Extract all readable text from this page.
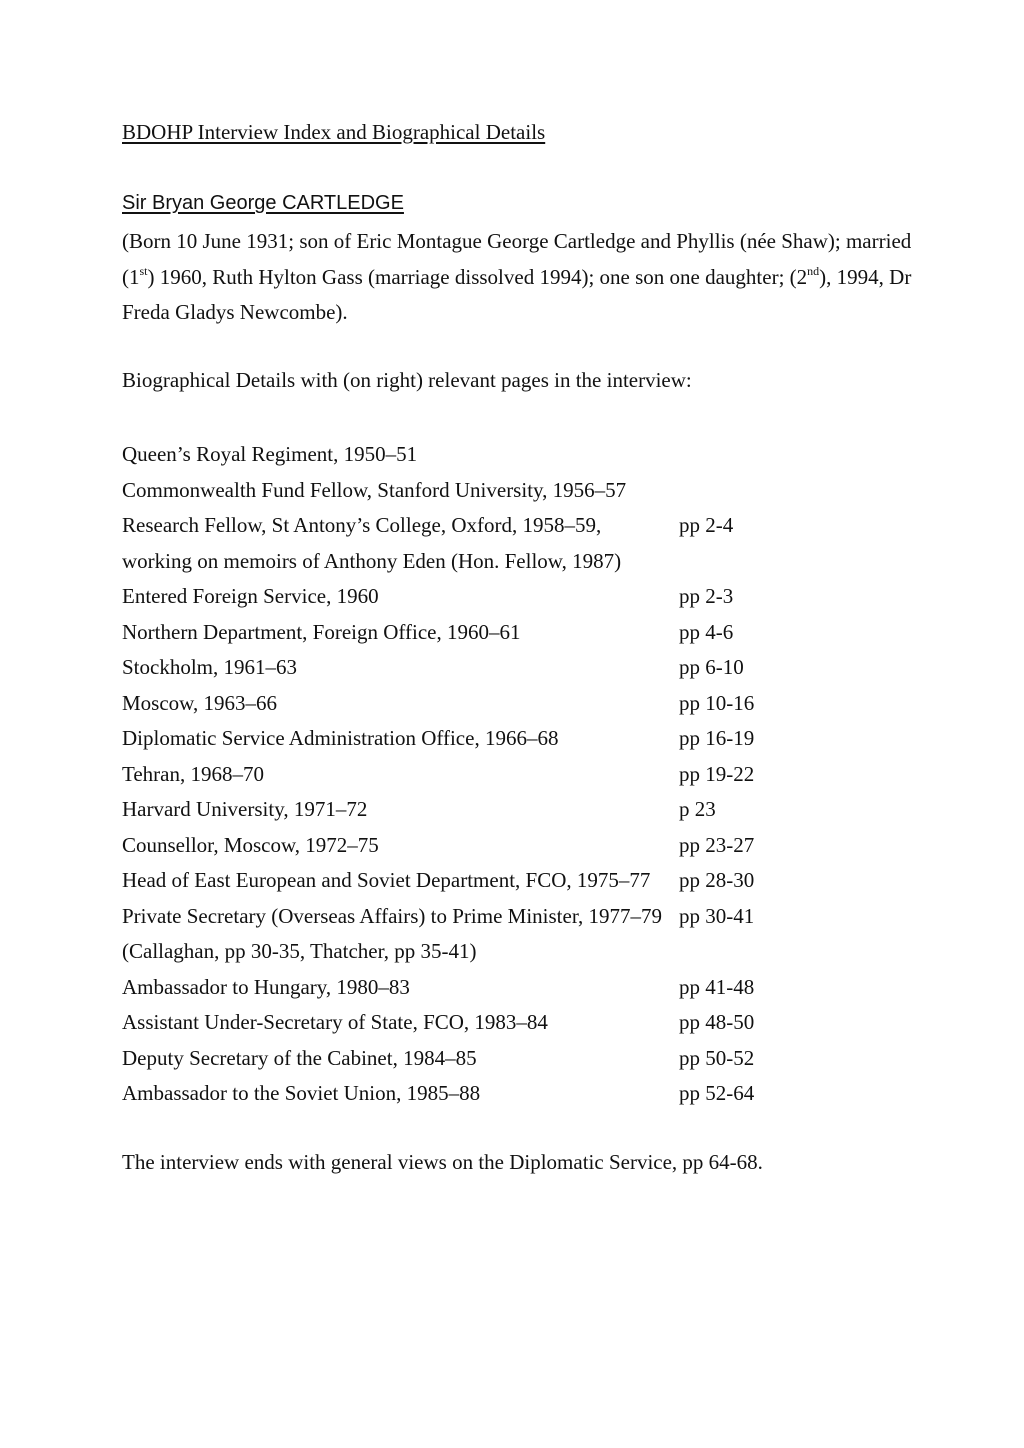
BDOHP Interview Index and Biographical Details
Sir Bryan George CARTLEDGE
(Born 10 June 1931; son of Eric Montague George Cartledge and Phyllis (née Shaw); married
(1st) 1960, Ruth Hylton Gass (marriage dissolved 1994); one son one daughter; (2nd), 1994, Dr
Freda Gladys Newcombe).
Biographical Details with (on right) relevant pages in the interview:
Queen’s Royal Regiment, 1950–51
Commonwealth Fund Fellow, Stanford University, 1956–57
Research Fellow, St Antony’s College, Oxford, 1958–59,	pp 2-4
working on memoirs of Anthony Eden (Hon. Fellow, 1987)
Entered Foreign Service, 1960	pp 2-3
Northern Department, Foreign Office, 1960–61	pp 4-6
Stockholm, 1961–63	pp 6-10
Moscow, 1963–66	pp 10-16
Diplomatic Service Administration Office, 1966–68	pp 16-19
Tehran, 1968–70	pp 19-22
Harvard University, 1971–72	p 23
Counsellor, Moscow, 1972–75	pp 23-27
Head of East European and Soviet Department, FCO, 1975–77 pp 28-30
Private Secretary (Overseas Affairs) to Prime Minister, 1977–79 pp 30-41
(Callaghan, pp 30-35, Thatcher, pp 35-41)
Ambassador to Hungary, 1980–83	pp 41-48
Assistant Under-Secretary of State, FCO, 1983–84	pp 48-50
Deputy Secretary of the Cabinet, 1984–85	pp 50-52
Ambassador to the Soviet Union, 1985–88	pp 52-64
The interview ends with general views on the Diplomatic Service, pp 64-68.
